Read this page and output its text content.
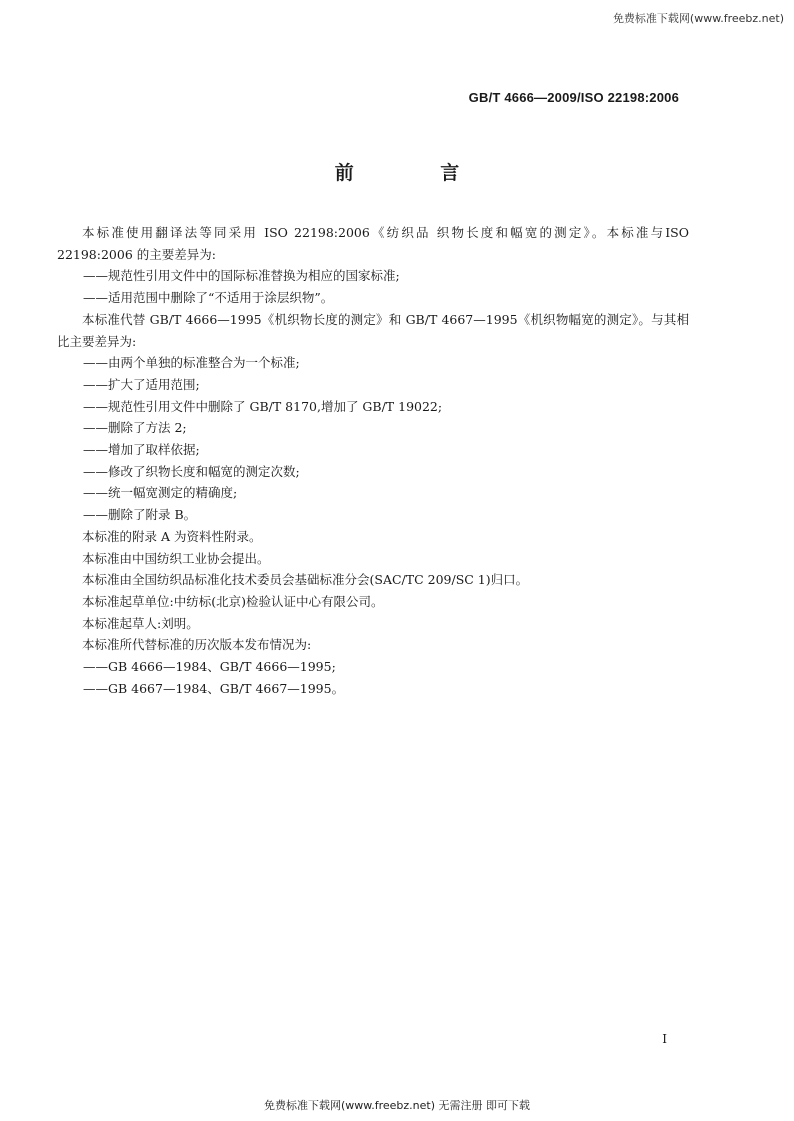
免费标准下载网(www.freebz.net)
GB/T 4666—2009/ISO 22198:2006
前 言

本标准使用翻译法等同采用 ISO 22198:2006《纺织品 织物长度和幅宽的测定》。本标准与ISO 22198:2006 的主要差异为:

——规范性引用文件中的国际标准替换为相应的国家标准;

——适用范围中删除了“不适用于涂层织物”。

本标准代替 GB/T 4666—1995《机织物长度的测定》和 GB/T 4667—1995《机织物幅宽的测定》。与其相比主要差异为:

——由两个单独的标准整合为一个标准;

——扩大了适用范围;

——规范性引用文件中删除了 GB/T 8170,增加了 GB/T 19022;

——删除了方法 2;

——增加了取样依据;

——修改了织物长度和幅宽的测定次数;

——统一幅宽测定的精确度;

——删除了附录 B。

本标准的附录 A 为资料性附录。

本标准由中国纺织工业协会提出。

本标准由全国纺织品标准化技术委员会基础标准分会(SAC/TC 209/SC 1)归口。

本标准起草单位:中纺标(北京)检验认证中心有限公司。

本标准起草人:刘明。

本标准所代替标准的历次版本发布情况为:

——GB 4666—1984、GB/T 4666—1995;

——GB 4667—1984、GB/T 4667—1995。

I
免费标准下载网(www.freebz.net) 无需注册 即可下载
